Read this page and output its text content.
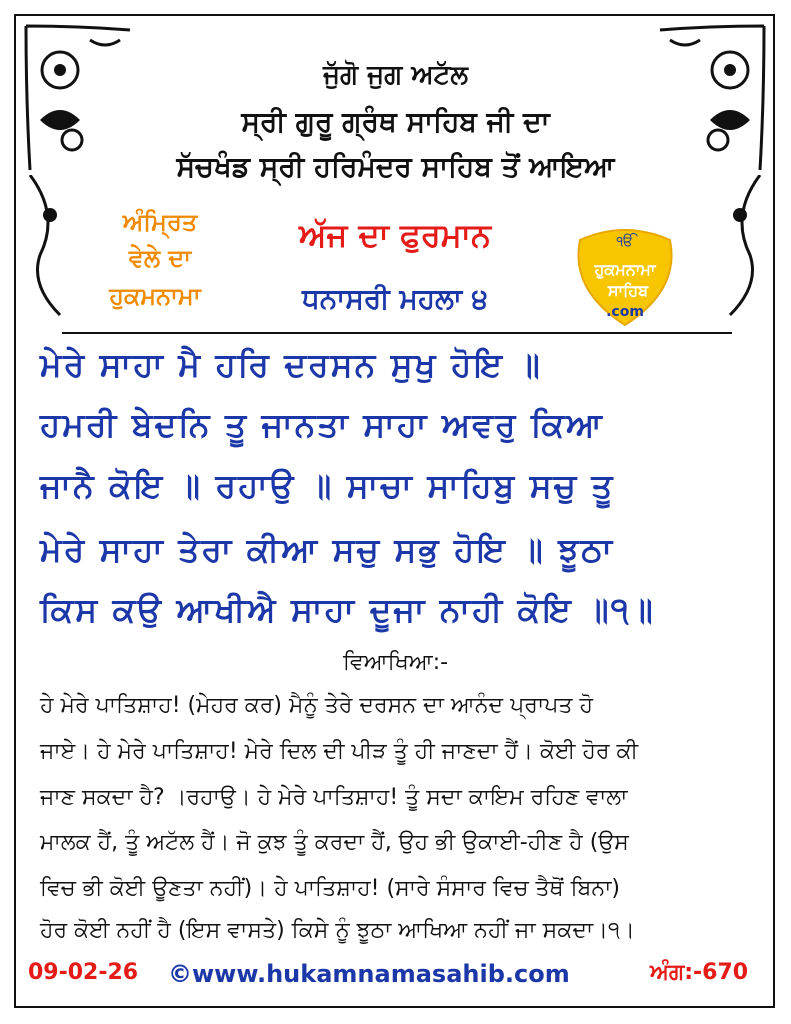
ਜੁੱਗੋ ਜੁਗ ਅਟੱਲ
ਸ੍ਰੀ ਗੁਰੂ ਗ੍ਰੰਥ ਸਾਹਿਬ ਜੀ ਦਾ
ਸੱਚਖੰਡ ਸ੍ਰੀ ਹਰਿਮੰਦਰ ਸਾਹਿਬ ਤੋਂ ਆਇਆ
ਅੰਮ੍ਰਿਤ
ਵੇਲੇ ਦਾ
ਹੁਕਮਨਾਮਾ
ਅੱਜ ਦਾ ਫੁਰਮਾਨ
ਧਨਾਸਰੀ ਮਹਲਾ ੪
ੴ
ਹੁਕਮਨਾਮਾ
ਸਾਹਿਬ
.com
ਮੇਰੇ ਸਾਹਾ ਮੈ ਹਰਿ ਦਰਸਨ ਸੁਖੁ ਹੋਇ ॥
ਹਮਰੀ ਬੇਦਨਿ ਤੂ ਜਾਨਤਾ ਸਾਹਾ ਅਵਰੁ ਕਿਆ
ਜਾਨੈ ਕੋਇ ॥ ਰਹਾਉ ॥ ਸਾਚਾ ਸਾਹਿਬੁ ਸਚੁ ਤੂ
ਮੇਰੇ ਸਾਹਾ ਤੇਰਾ ਕੀਆ ਸਚੁ ਸਭੁ ਹੋਇ ॥ ਝੂਠਾ
ਕਿਸ ਕਉ ਆਖੀਐ ਸਾਹਾ ਦੂਜਾ ਨਾਹੀ ਕੋਇ ॥੧॥
ਵਿਆਖਿਆ:-
ਹੇ ਮੇਰੇ ਪਾਤਿਸ਼ਾਹ! (ਮੇਹਰ ਕਰ) ਮੈਨੂੰ ਤੇਰੇ ਦਰਸਨ ਦਾ ਆਨੰਦ ਪ੍ਰਾਪਤ ਹੋ
ਜਾਏ। ਹੇ ਮੇਰੇ ਪਾਤਿਸ਼ਾਹ! ਮੇਰੇ ਦਿਲ ਦੀ ਪੀੜ ਤੂੰ ਹੀ ਜਾਣਦਾ ਹੈਂ। ਕੋਈ ਹੋਰ ਕੀ
ਜਾਣ ਸਕਦਾ ਹੈ? ।ਰਹਾਉ। ਹੇ ਮੇਰੇ ਪਾਤਿਸ਼ਾਹ! ਤੂੰ ਸਦਾ ਕਾਇਮ ਰਹਿਣ ਵਾਲਾ
ਮਾਲਕ ਹੈਂ, ਤੂੰ ਅਟੱਲ ਹੈਂ। ਜੋ ਕੁਝ ਤੂੰ ਕਰਦਾ ਹੈਂ, ਉਹ ਭੀ ਉਕਾਈ-ਹੀਣ ਹੈ (ਉਸ
ਵਿਚ ਭੀ ਕੋਈ ਊਣਤਾ ਨਹੀਂ)। ਹੇ ਪਾਤਿਸ਼ਾਹ! (ਸਾਰੇ ਸੰਸਾਰ ਵਿਚ ਤੈਥੋਂ ਬਿਨਾ)
ਹੋਰ ਕੋਈ ਨਹੀਂ ਹੈ (ਇਸ ਵਾਸਤੇ) ਕਿਸੇ ਨੂੰ ਝੂਠਾ ਆਖਿਆ ਨਹੀਂ ਜਾ ਸਕਦਾ।੧।
09-02-26 ©www.hukamnamasahib.com	ਅੰਗ:-670
